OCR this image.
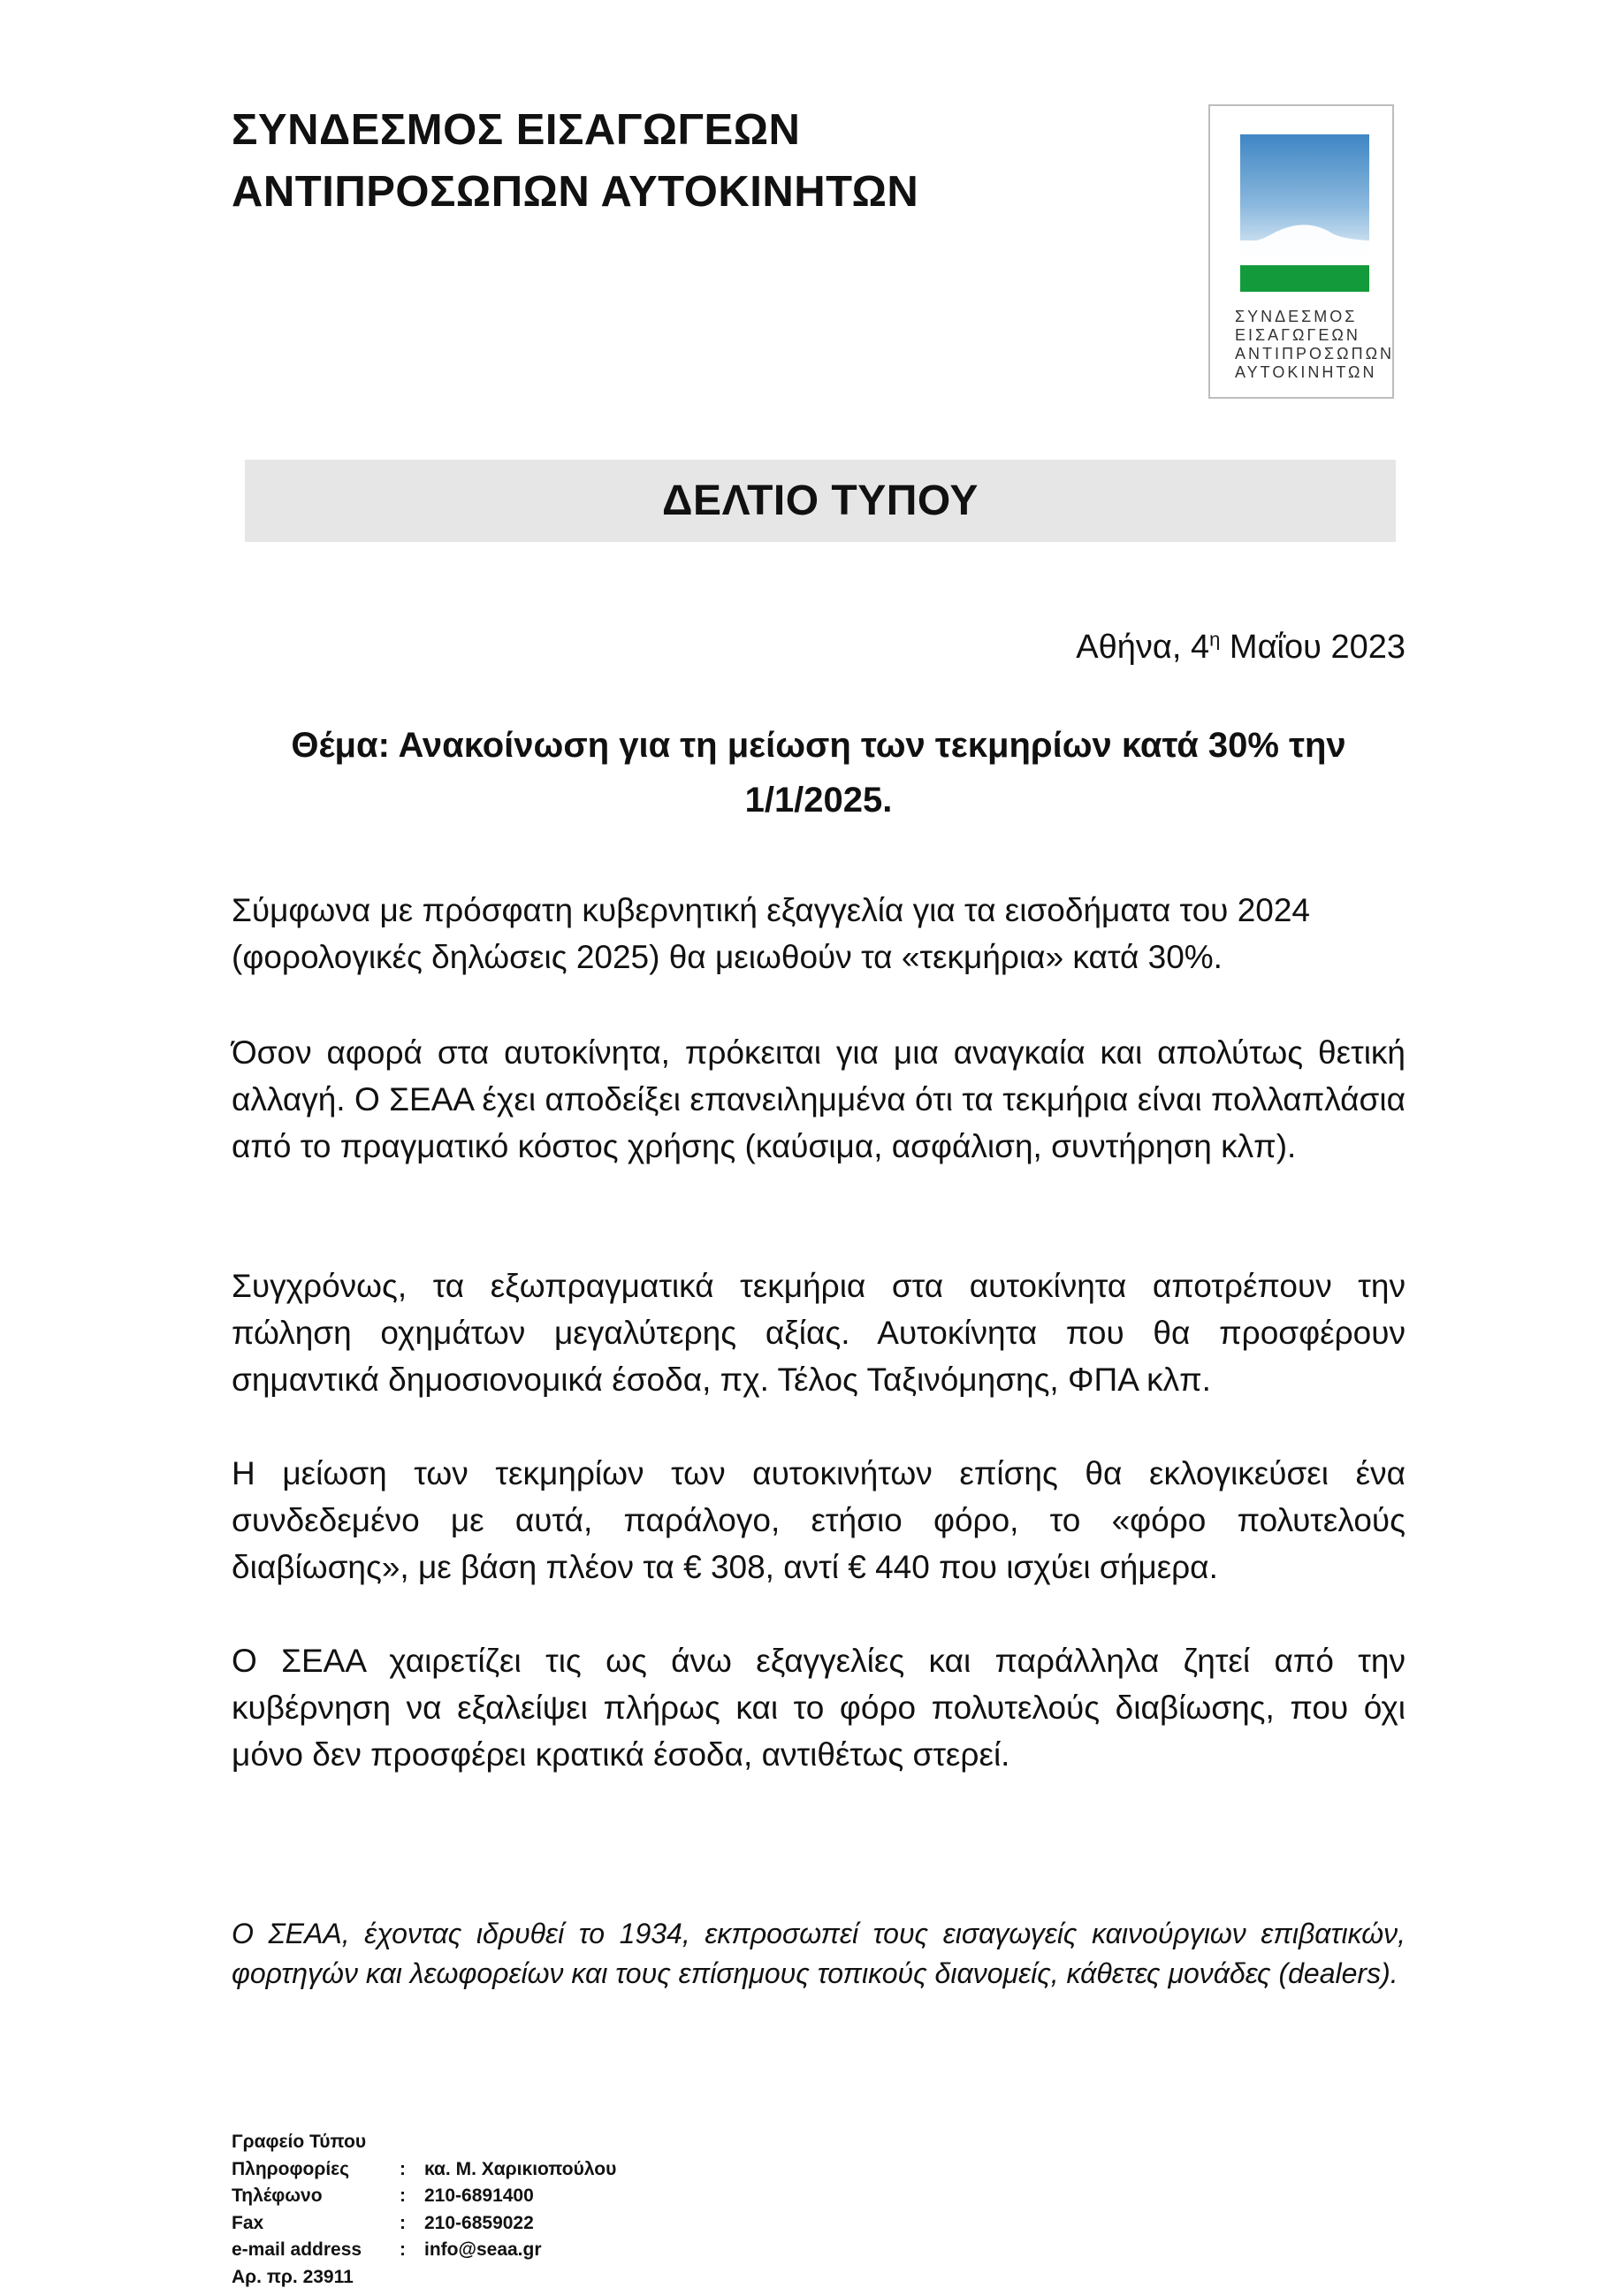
ΣΥΝΔΕΣΜΟΣ ΕΙΣΑΓΩΓΕΩΝ
ΑΝΤΙΠΡΟΣΩΠΩΝ ΑΥΤΟΚΙΝΗΤΩΝ
ΣΥΝΔΕΣΜΟΣ
ΕΙΣΑΓΩΓΕΩΝ
ΑΝΤΙΠΡΟΣΩΠΩΝ
ΑΥΤΟΚΙΝΗΤΩΝ
ΔΕΛΤΙΟ ΤΥΠΟΥ
Αθήνα, $4^\eta$ Μαΐου 2023
Θέμα: Ανακοίνωση για τη μείωση των τεκμηρίων κατά 30% την
1/1/2025.
Σύμφωνα με πρόσφατη κυβερνητική εξαγγελία για τα εισοδήματα του 2024 (φορολογικές δηλώσεις 2025) θα μειωθούν τα «τεκμήρια» κατά 30%.
Όσον αφορά στα αυτοκίνητα, πρόκειται για μια αναγκαία και απολύτως θετική αλλαγή. Ο ΣΕΑΑ έχει αποδείξει επανειλημμένα ότι τα τεκμήρια είναι πολλαπλάσια από το πραγματικό κόστος χρήσης (καύσιμα, ασφάλιση, συντήρηση κλπ).
Συγχρόνως, τα εξωπραγματικά τεκμήρια στα αυτοκίνητα αποτρέπουν την πώληση οχημάτων μεγαλύτερης αξίας. Αυτοκίνητα που θα προσφέρουν σημαντικά δημοσιονομικά έσοδα, πχ. Τέλος Ταξινόμησης, ΦΠΑ κλπ.
Η μείωση των τεκμηρίων των αυτοκινήτων επίσης θα εκλογικεύσει ένα συνδεδεμένο με αυτά, παράλογο, ετήσιο φόρο, το «φόρο πολυτελούς διαβίωσης», με βάση πλέον τα € 308, αντί € 440 που ισχύει σήμερα.
Ο ΣΕΑΑ χαιρετίζει τις ως άνω εξαγγελίες και παράλληλα ζητεί από την κυβέρνηση να εξαλείψει πλήρως και το φόρο πολυτελούς διαβίωσης, που όχι μόνο δεν προσφέρει κρατικά έσοδα, αντιθέτως στερεί.
Ο ΣΕΑΑ, έχοντας ιδρυθεί το 1934, εκπροσωπεί τους εισαγωγείς καινούργιων επιβατικών, φορτηγών και λεωφορείων και τους επίσημους τοπικούς διανομείς, κάθετες μονάδες (dealers).
Γραφείο Τύπου
Πληροφορίες	:	κα. Μ. Χαρικιοπούλου
Τηλέφωνο	:	210-6891400
Fax	:	210-6859022
e-mail address	:	info@seaa.gr
Αρ. πρ. 23911
